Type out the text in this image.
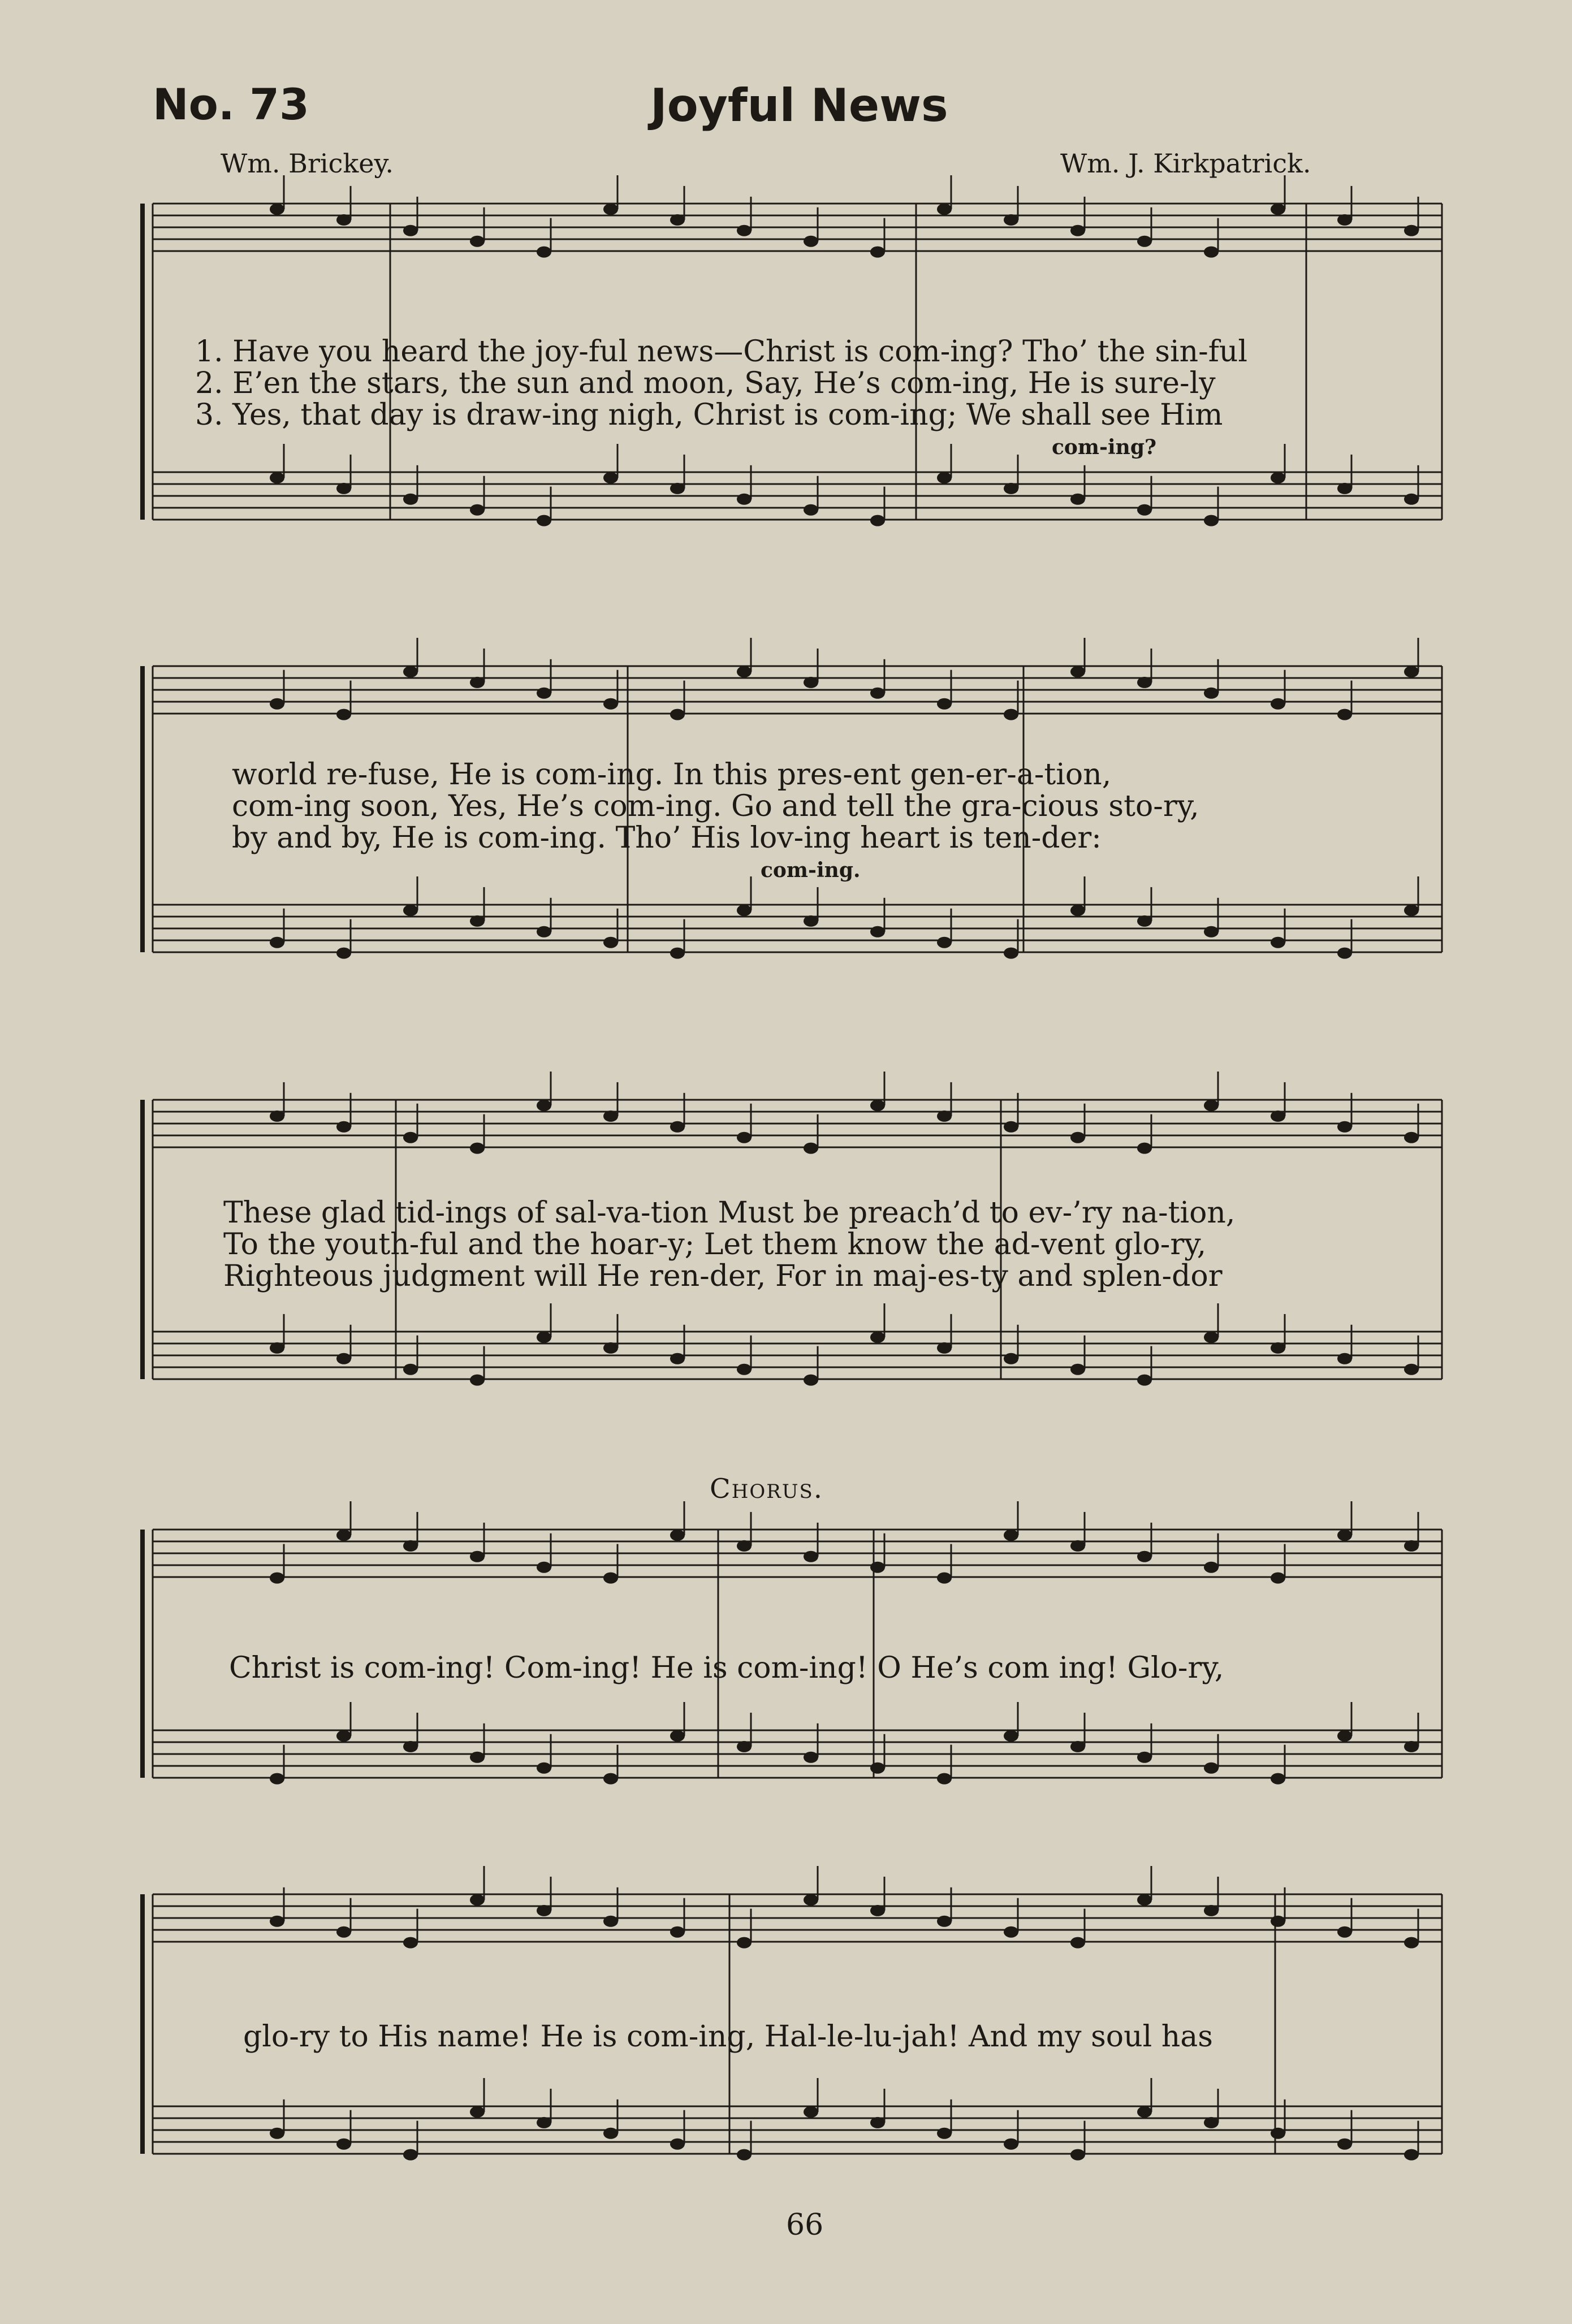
No. 73	Joyful News
Wm. Brickey.	Wm. J. Kirkpatrick.
1. Have you heard the joy-ful news—Christ is com-ing? Tho’ the sin-ful
2. E’en the stars, the sun and moon, Say, He’s com-ing, He is sure-ly
3. Yes, that day is draw-ing nigh, Christ is com-ing; We shall see Him
com-ing?
world re-fuse, He is com-ing. In this pres-ent gen-er-a-tion,
com-ing soon, Yes, He’s com-ing. Go and tell the gra-cious sto-ry,
by and by, He is com-ing. Tho’ His lov-ing heart is ten-der:
com-ing.
These glad tid-ings of sal-va-tion Must be preach’d to ev-’ry na-tion,
To the youth-ful and the hoar-y; Let them know the ad-vent glo-ry,
Righteous judgment will He ren-der, For in maj-es-ty and splen-dor
Chorus.
Christ is com-ing! Com-ing! He is com-ing! O He’s com ing! Glo-ry,
glo-ry to His name! He is com-ing, Hal-le-lu-jah! And my soul has
66
